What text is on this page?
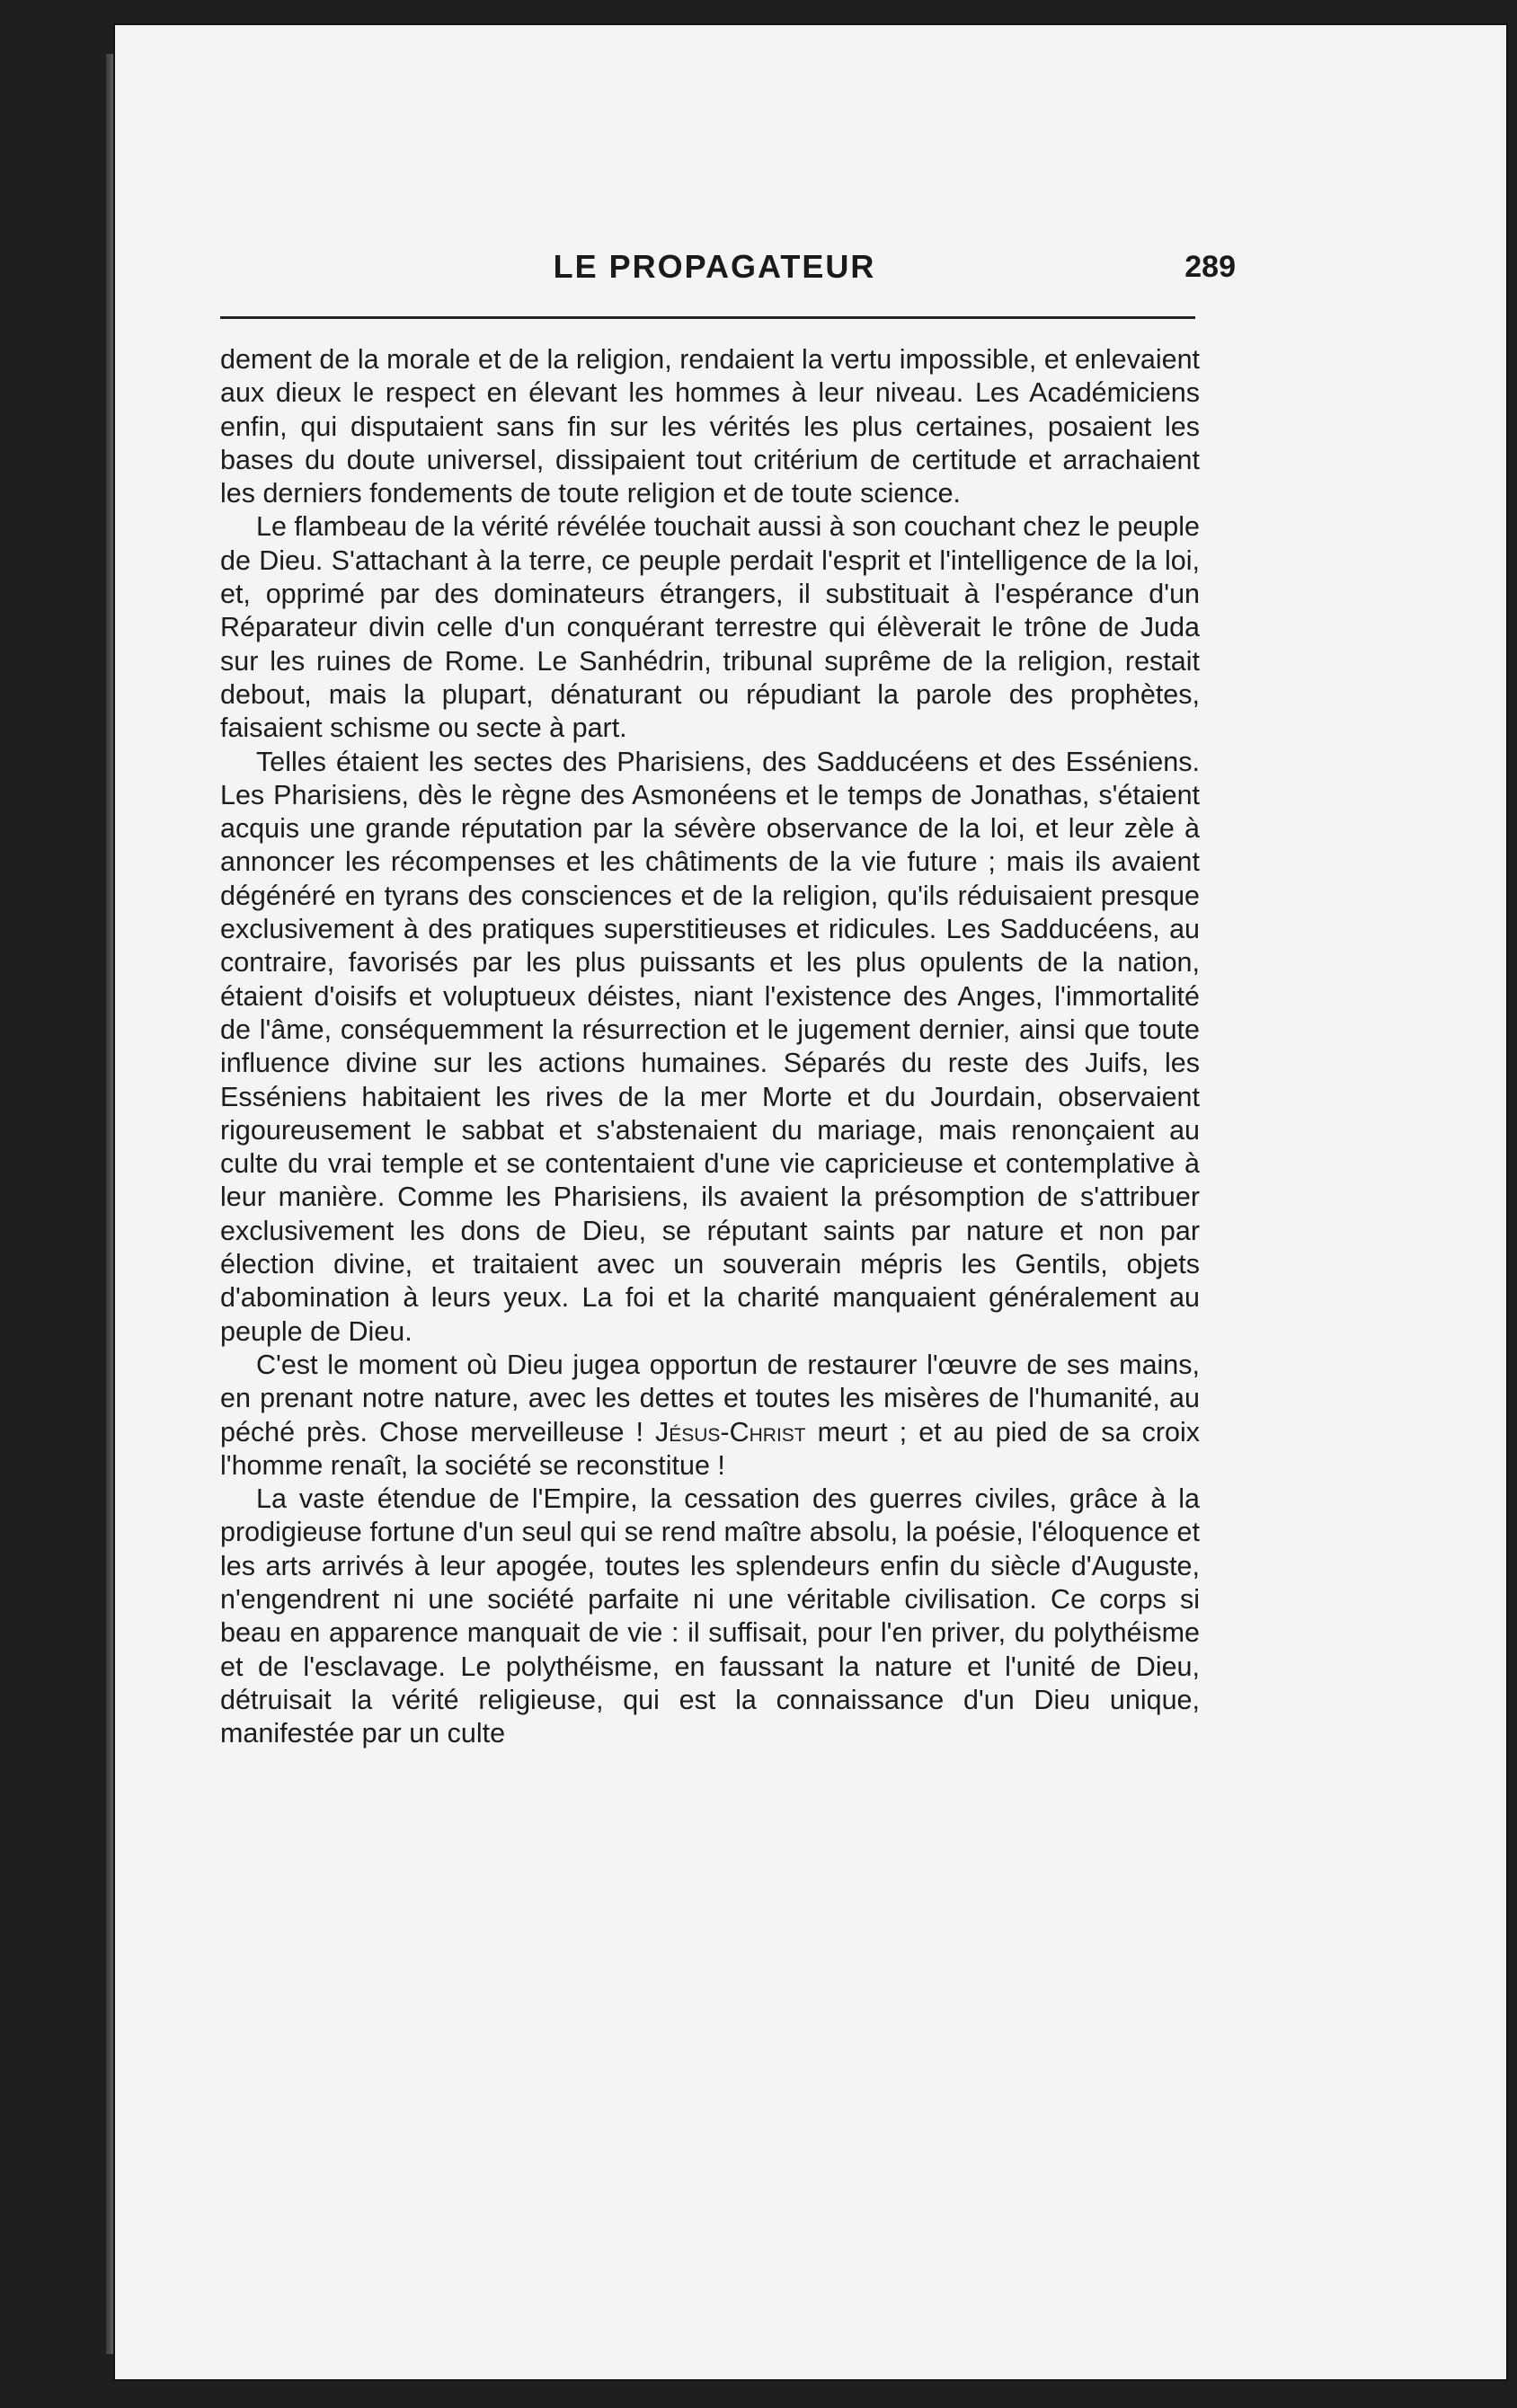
LE PROPAGATEUR	289

dement de la morale et de la religion, rendaient la vertu impossible, et enlevaient aux dieux le respect en élevant les hommes à leur niveau. Les Académiciens enfin, qui disputaient sans fin sur les vérités les plus certaines, posaient les bases du doute universel, dissipaient tout critérium de certitude et arrachaient les derniers fondements de toute religion et de toute science.

Le flambeau de la vérité révélée touchait aussi à son couchant chez le peuple de Dieu. S'attachant à la terre, ce peuple perdait l'esprit et l'intelligence de la loi, et, opprimé par des dominateurs étrangers, il substituait à l'espérance d'un Réparateur divin celle d'un conquérant terrestre qui élèverait le trône de Juda sur les ruines de Rome. Le Sanhédrin, tribunal suprême de la religion, restait debout, mais la plupart, dénaturant ou répudiant la parole des prophètes, faisaient schisme ou secte à part.

Telles étaient les sectes des Pharisiens, des Sadducéens et des Esséniens. Les Pharisiens, dès le règne des Asmonéens et le temps de Jonathas, s'étaient acquis une grande réputation par la sévère observance de la loi, et leur zèle à annoncer les récompenses et les châtiments de la vie future ; mais ils avaient dégénéré en tyrans des consciences et de la religion, qu'ils réduisaient presque exclusivement à des pratiques superstitieuses et ridicules. Les Sadducéens, au contraire, favorisés par les plus puissants et les plus opulents de la nation, étaient d'oisifs et voluptueux déistes, niant l'existence des Anges, l'immortalité de l'âme, conséquemment la résurrection et le jugement dernier, ainsi que toute influence divine sur les actions humaines. Séparés du reste des Juifs, les Esséniens habitaient les rives de la mer Morte et du Jourdain, observaient rigoureusement le sabbat et s'abstenaient du mariage, mais renonçaient au culte du vrai temple et se contentaient d'une vie capricieuse et contemplative à leur manière. Comme les Pharisiens, ils avaient la présomption de s'attribuer exclusivement les dons de Dieu, se réputant saints par nature et non par élection divine, et traitaient avec un souverain mépris les Gentils, objets d'abomination à leurs yeux. La foi et la charité manquaient généralement au peuple de Dieu.

C'est le moment où Dieu jugea opportun de restaurer l'œuvre de ses mains, en prenant notre nature, avec les dettes et toutes les misères de l'humanité, au péché près. Chose merveilleuse ! Jésus-Christ meurt ; et au pied de sa croix l'homme renaît, la société se reconstitue !

La vaste étendue de l'Empire, la cessation des guerres civiles, grâce à la prodigieuse fortune d'un seul qui se rend maître absolu, la poésie, l'éloquence et les arts arrivés à leur apogée, toutes les splendeurs enfin du siècle d'Auguste, n'engendrent ni une société parfaite ni une véritable civilisation. Ce corps si beau en apparence manquait de vie : il suffisait, pour l'en priver, du polythéisme et de l'esclavage. Le polythéisme, en faussant la nature et l'unité de Dieu, détruisait la vérité religieuse, qui est la connaissance d'un Dieu unique, manifestée par un culte
